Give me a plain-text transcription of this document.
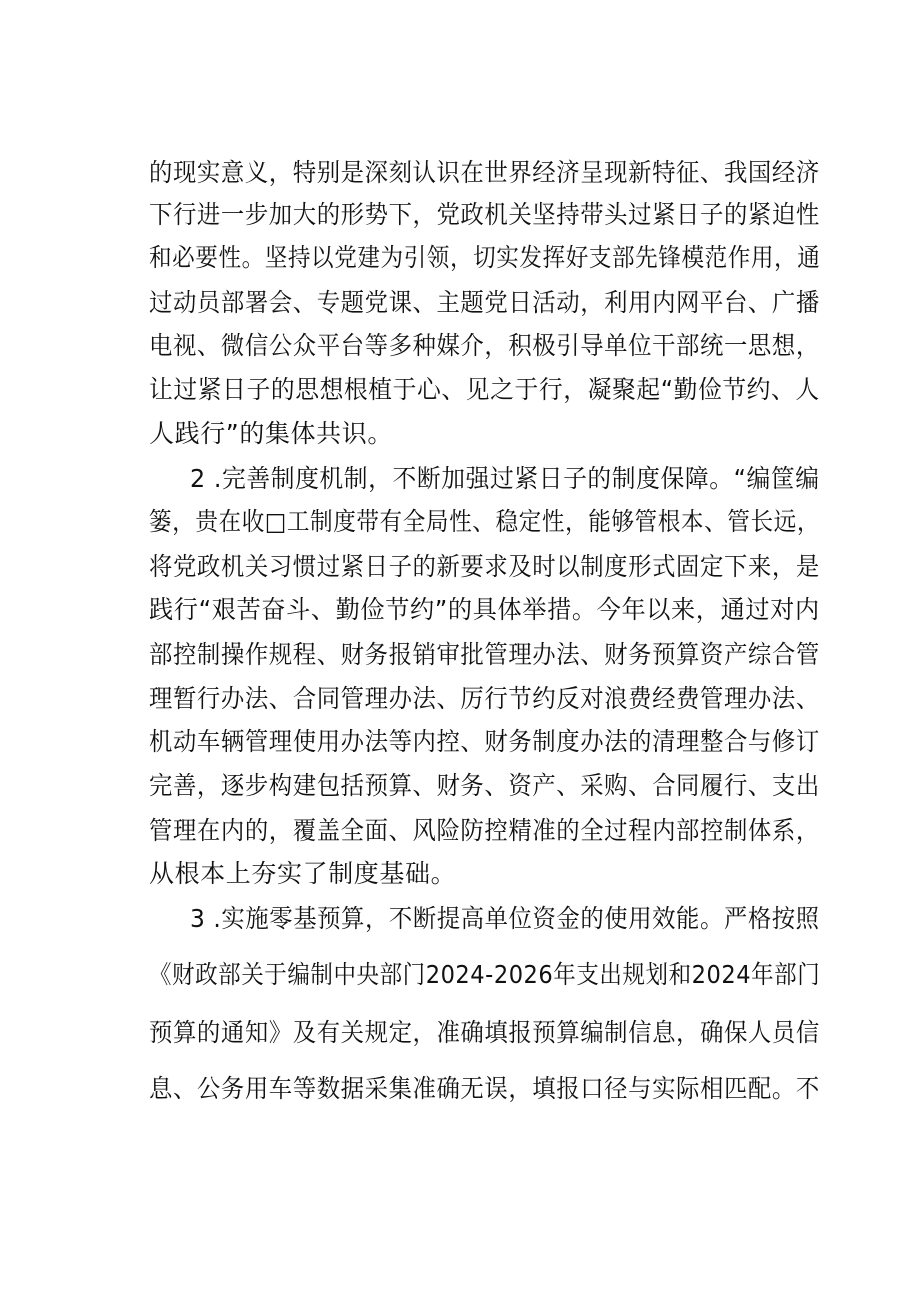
的现实意义，特别是深刻认识在世界经济呈现新特征、我国经济
下行进一步加大的形势下，党政机关坚持带头过紧日子的紧迫性
和必要性。坚持以党建为引领，切实发挥好支部先锋模范作用，通
过动员部署会、专题党课、主题党日活动，利用内网平台、广播
电视、微信公众平台等多种媒介，积极引导单位干部统一思想，
让过紧日子的思想根植于心、见之于行，凝聚起“勤俭节约、人
人践行”的集体共识。
2 .完善制度机制，不断加强过紧日子的制度保障。“编筐编
篓，贵在收□工制度带有全局性、稳定性，能够管根本、管长远，
将党政机关习惯过紧日子的新要求及时以制度形式固定下来，是
践行“艰苦奋斗、勤俭节约”的具体举措。今年以来，通过对内
部控制操作规程、财务报销审批管理办法、财务预算资产综合管
理暂行办法、合同管理办法、厉行节约反对浪费经费管理办法、
机动车辆管理使用办法等内控、财务制度办法的清理整合与修订
完善，逐步构建包括预算、财务、资产、采购、合同履行、支出
管理在内的，覆盖全面、风险防控精准的全过程内部控制体系，
从根本上夯实了制度基础。
3 .实施零基预算，不断提高单位资金的使用效能。严格按照
《财政部关于编制中央部门2024-2026年支出规划和2024年部门
预算的通知》及有关规定，准确填报预算编制信息，确保人员信
息、公务用车等数据采集准确无误，填报口径与实际相匹配。不
